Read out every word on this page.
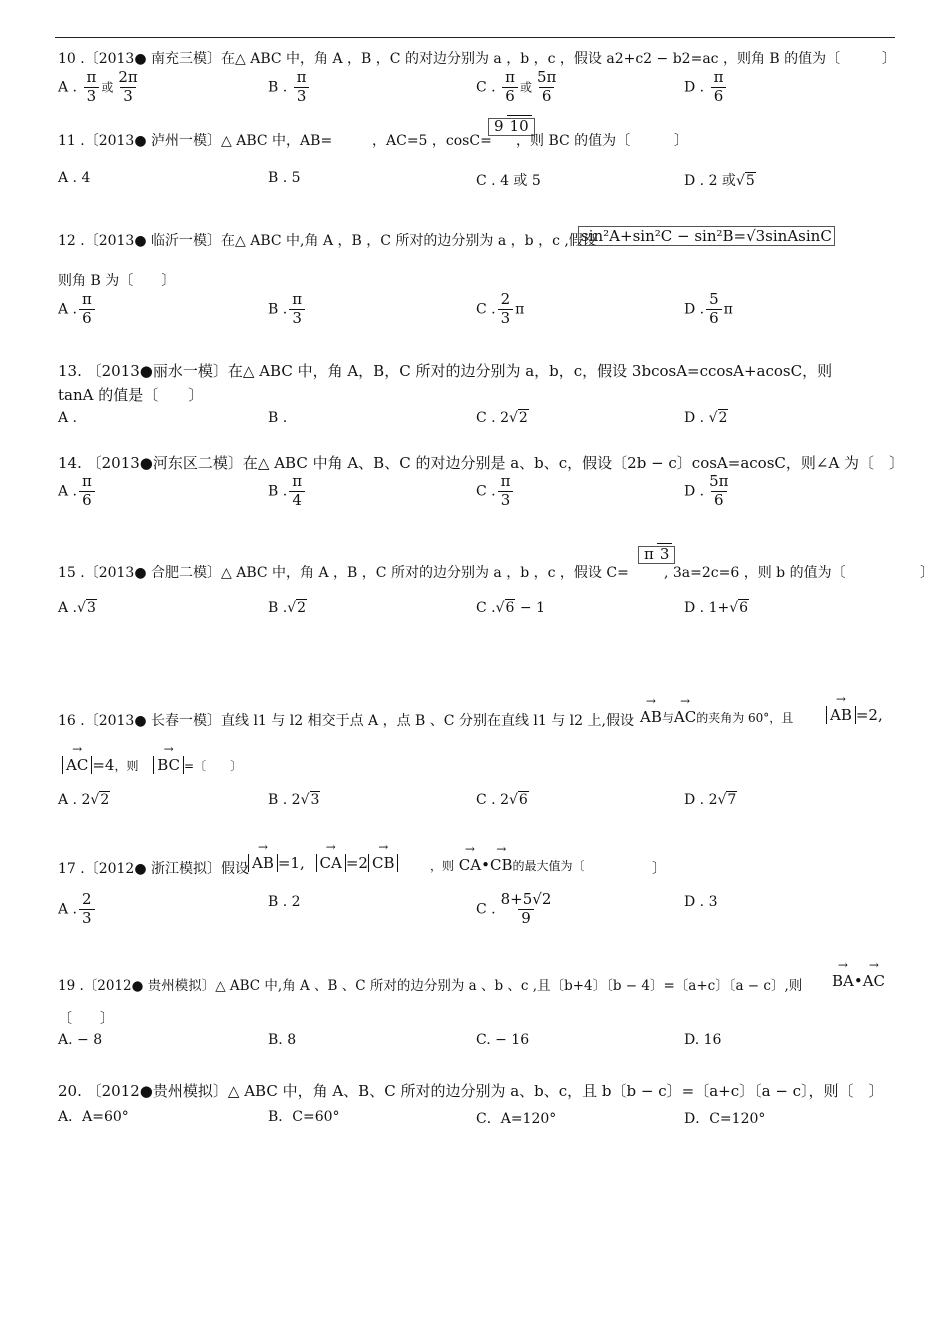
10 .〔2013● 南充三模〕在△ ABC 中，角 A ，B ，C 的对边分别为 a ，b ，c ，假设 a2+c2 − b2=ac ，则角 B 的值为〔	〕
A . $\frac{\pi}{3}$ 或 $\frac{2\pi}{3}$	B . $\frac{\pi}{3}$	C . $\frac{\pi}{6}$ 或 $\frac{5\pi}{6}$	D . $\frac{\pi}{6}$
11 .〔2013● 泸州一模〕△ ABC 中，AB=	，AC=5 ，cosC=
9 10
，则 BC 的值为〔	〕
A . 4	B . 5	C . 4 或 5	D . 2 或√5
12 .〔2013● 临沂一模〕在△ ABC 中,角 A ，B ，C 所对的边分别为 a ，b ，c ,假设
sin²A+sin²C − sin²B=√3sinAsinC
则角 B 为〔　　〕
A . $\frac{\pi}{6}$	B . $\frac{\pi}{3}$	C . $\frac{2}{3}$ π	D . $\frac{5}{6}$ π
13. 〔2013●丽水一模〕在△ ABC 中，角 A，B，C 所对的边分别为 a，b，c，假设 3bcosA=ccosA+acosC，则
tanA 的值是〔　　〕
A .	B .	C . 2√2	D . √2
14. 〔2013●河东区二模〕在△ ABC 中角 A、B、C 的对边分别是 a、b、c，假设〔2b − c〕cosA=acosC，则∠A 为〔　〕
A . $\frac{\pi}{6}$	B . $\frac{\pi}{4}$	C . $\frac{\pi}{3}$	D . $\frac{5\pi}{6}$
15 .〔2013● 合肥二模〕△ ABC 中，角 A ，B ，C 所对的边分别为 a ，b ，c ，假设 C=
π 3
, 3a=2c=6 ，则 b 的值为〔	〕
A .√3	B .√2	C .√6 − 1	D . 1+√6
16 .〔2013● 长春一模〕直线 l1 与 l2 相交于点 A ，点 B 、C 分别在直线 l1 与 l2 上,假设 → AB与→ AC的夹角为 60°，且 → AB =2,
→ AC =4，则 → BC =〔　　〕
A . 2√2	B . 2√3	C . 2√6	D . 2√7
17 .〔2012● 浙江模拟〕假设 → AB =1, → CA =2 → CB	，则 → CA•→ CB的最大值为〔	〕
A . $\frac{2}{3}$	B . 2	C . $\frac{8+5√2}{9}$	D . 3
19 .〔2012● 贵州模拟〕△ ABC 中,角 A 、B 、C 所对的边分别为 a 、b 、c ,且〔b+4〕〔b − 4〕=〔a+c〕〔a − c〕,则 → BA•→ AC
〔　　〕
A. − 8	B. 8	C. − 16	D. 16
20. 〔2012●贵州模拟〕△ ABC 中，角 A、B、C 所对的边分别为 a、b、c，且 b〔b − c〕=〔a+c〕〔a − c〕，则〔　〕
A．A=60°	B．C=60°	C．A=120°	D．C=120°
